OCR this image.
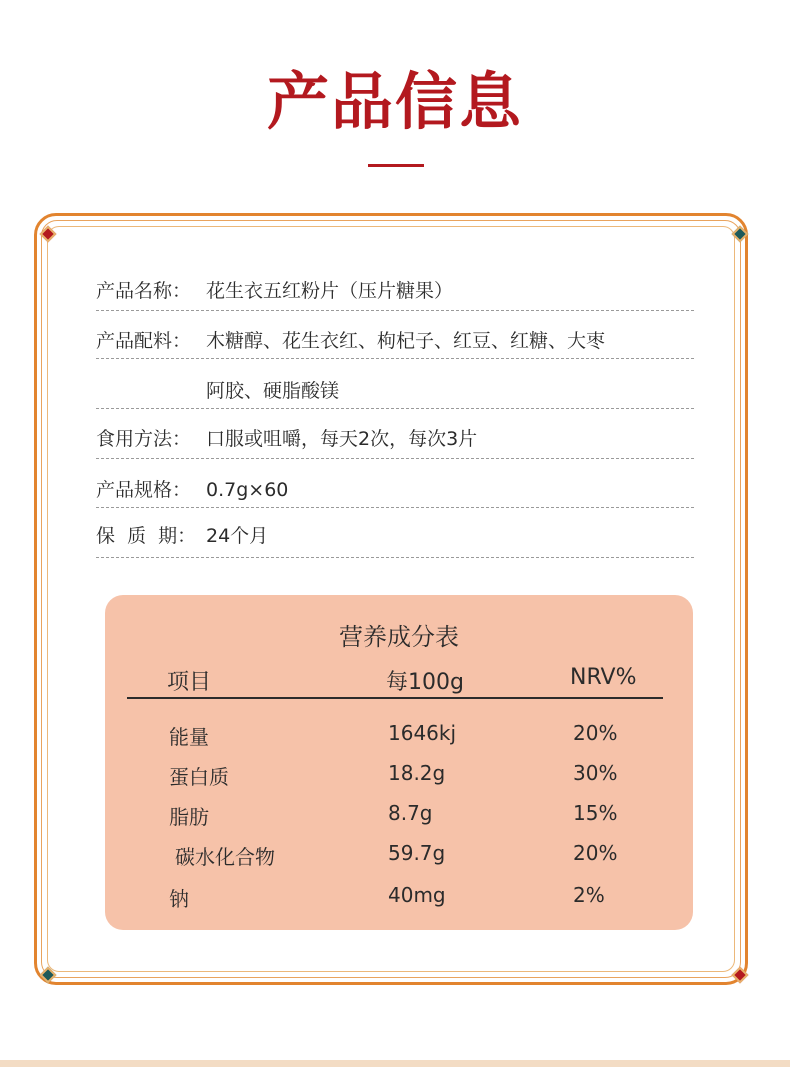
产品信息
产品名称： 花生衣五红粉片（压片糖果）
产品配料： 木糖醇、花生衣红、枸杞子、红豆、红糖、大枣
阿胶、硬脂酸镁
食用方法： 口服或咀嚼，每天2次，每次3片
产品规格： 0.7g×60
保  质  期： 24个月
营养成分表
项目	每100g	NRV%
能量	1646kj	20%
蛋白质	18.2g	30%
脂肪	8.7g	15%
碳水化合物	59.7g	20%
钠	40mg	2%
